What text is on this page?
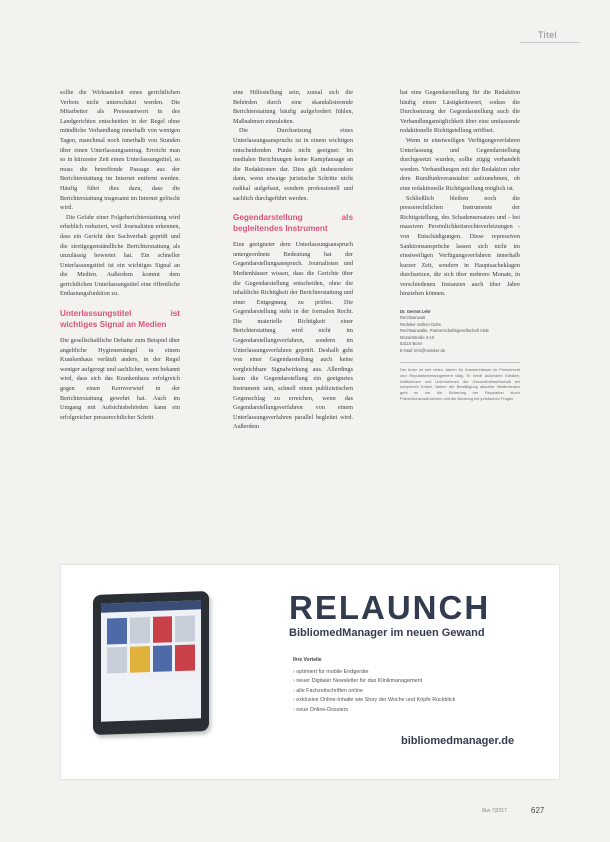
Titel

sollte die Wirksamkeit eines gerichtlichen Verbots nicht unterschätzt werden. Die Mitarbeiter als Presseantwort in des Landgerichten entscheiden in der Regel ohne mündliche Verhandlung innerhalb von wenigen Tagen, manchmal noch innerhalb von Stunden über einen Unterlassungsantrag. Erreicht man so in kürzester Zeit einen Unterlassungstitel, so muss die betreffende Passage aus der Berichterstattung im Internet entfernt werden. Häufig führt dies dazu, dass die Berichterstattung insgesamt im Internet gelöscht wird.

Die Gefahr einer Folgeberichterstattung wird erheblich reduziert, weil Journalisten erkennen, dass ein Gericht den Sachverhalt geprüft und die streitgegenständliche Berichterstattung als unzulässig bewertet hat. Ein schneller Unterlassungstitel ist ein wichtiges Signal an die Medien. Außerdem kommt dem gerichtlichen Unterlassungstitel eine öffentliche Entlastungsfunktion zu.

Unterlassungstitel ist wichtiges Signal an Medien

Die gesellschaftliche Debatte zum Beispiel über angebliche Hygienemängel in einem Krankenhaus verläuft anders, in der Regel weniger aufgeregt und sachlicher, wenn bekannt wird, dass sich das Krankenhaus erfolgreich gegen einen Kernvorwurf in der Berichterstattung gewehrt hat. Auch im Umgang mit Aufsichtsbehörden kann ein erfolgreicher presserechtlicher Schritt

eine Hilfestellung sein, zumal sich die Behörden durch eine skandalisierende Berichterstattung häufig aufgefordert fühlen, Maßnahmen einzuleiten.

Die Durchsetzung eines Unterlassungsanspruchs ist in einem wichtigen entscheidenden Punkt nicht geeignet: Im medialen Berichtungen keine Kampfansage an die Redaktionen dar. Dies gilt insbesondere dann, wenn etwaige juristische Schritte nicht radikal aufgebaut, sondern professionell und sachlich durchgeführt werden.

Gegendarstellung als begleitendes Instrument

Eine geeigneter dem Unterlassungsanspruch untergeordnete Bedeutung hat der Gegendarstellungsanspruch. Journalisten und Medienhäuser wissen, dass die Gerichte über die Gegendarstellung entscheiden, ohne die inhaltliche Richtigkeit der Berichterstattung und einer Entgegnung zu prüfen. Die Gegendarstellung steht in der formalen Recht. Die materielle Richtigkeit einer Berichterstattung wird nicht im Gegendarstellungsverfahren, sondern im Unterlassungsverfahren geprüft. Deshalb geht von einer Gegendarstellung auch keine vergleichbare Signalwirkung aus. Allerdings kann die Gegendarstellung ein geeignetes Instrument sein, schnell einen publizistischen Gegenschlag zu erreichen, wenn das Gegendarstellungsverfahren von einem Unterlassungsverfahren parallel begleitet wird. Außerdem

hat eine Gegendarstellung für die Redaktion häufig einen Lästigkeitswert, sodass die Durchsetzung der Gegendarstellung auch die Verhandlungsmöglichkeit über eine umfassende redaktionelle Richtigstellung eröffnet.

Wenn in einstweiligen Verfügungsverfahren Unterlassung und Gegendarstellung durchgesetzt wurden, sollte zügig verhandelt werden. Verhandlungen mit der Redaktion oder dem Rundfunkveranstalter aufzunehmen, ob eine redaktionelle Richtigstellung möglich ist.

Schließlich bleiben noch die presserechtlichen Instrumente der Richtigstellung, des Schadensersatzes und - bei massiven Persönlichkeitsrechtsverletzungen - von Entschädigungen. Diese repressiven Sanktionsansprüche lassen sich nicht im einstweiligen Verfügungsverfahren innerhalb kurzer Zeit, sondern in Hauptsacheklagen durchsetzen, die sich über mehrere Monate, in verschiedenen Instanzen auch über Jahre hinziehen können.

Dr. Gernot Lehr
Rechtsanwalt
Redeker Sellner Dahs
Rechtsanwälte, Partnerschaftsgesellschaft mbB
Mozartstraße 4-10
53115 Bonn
E-Mail: lehr@redeker.de
Der Autor ist seit vielen Jahren für Krankenhäuser im Presserecht und Reputationsmanagement tätig. Er berät außerdem Kliniken, Institutionen und Unternehmen der Gesundheitswirtschaft bei komplexen Krisen. Neben der Bewältigung aktueller Medienkrisen geht es um die Sicherung der Reputation durch Präventionsmaßnahmen und die Beratung bei juristischen Fragen.
RELAUNCH
BibliomedManager im neuen Gewand
Ihre Vorteile
› optimiert für mobile Endgeräte
› neuer Digitaler Newsletter für das Klinikmanagement
› alle Fachzeitschriften online
› exklusive Online-Inhalte wie Story der Woche und Köpfe Rückblick
› neue Online-Dossiers
bibliomedmanager.de
f&w 7|2017	627
